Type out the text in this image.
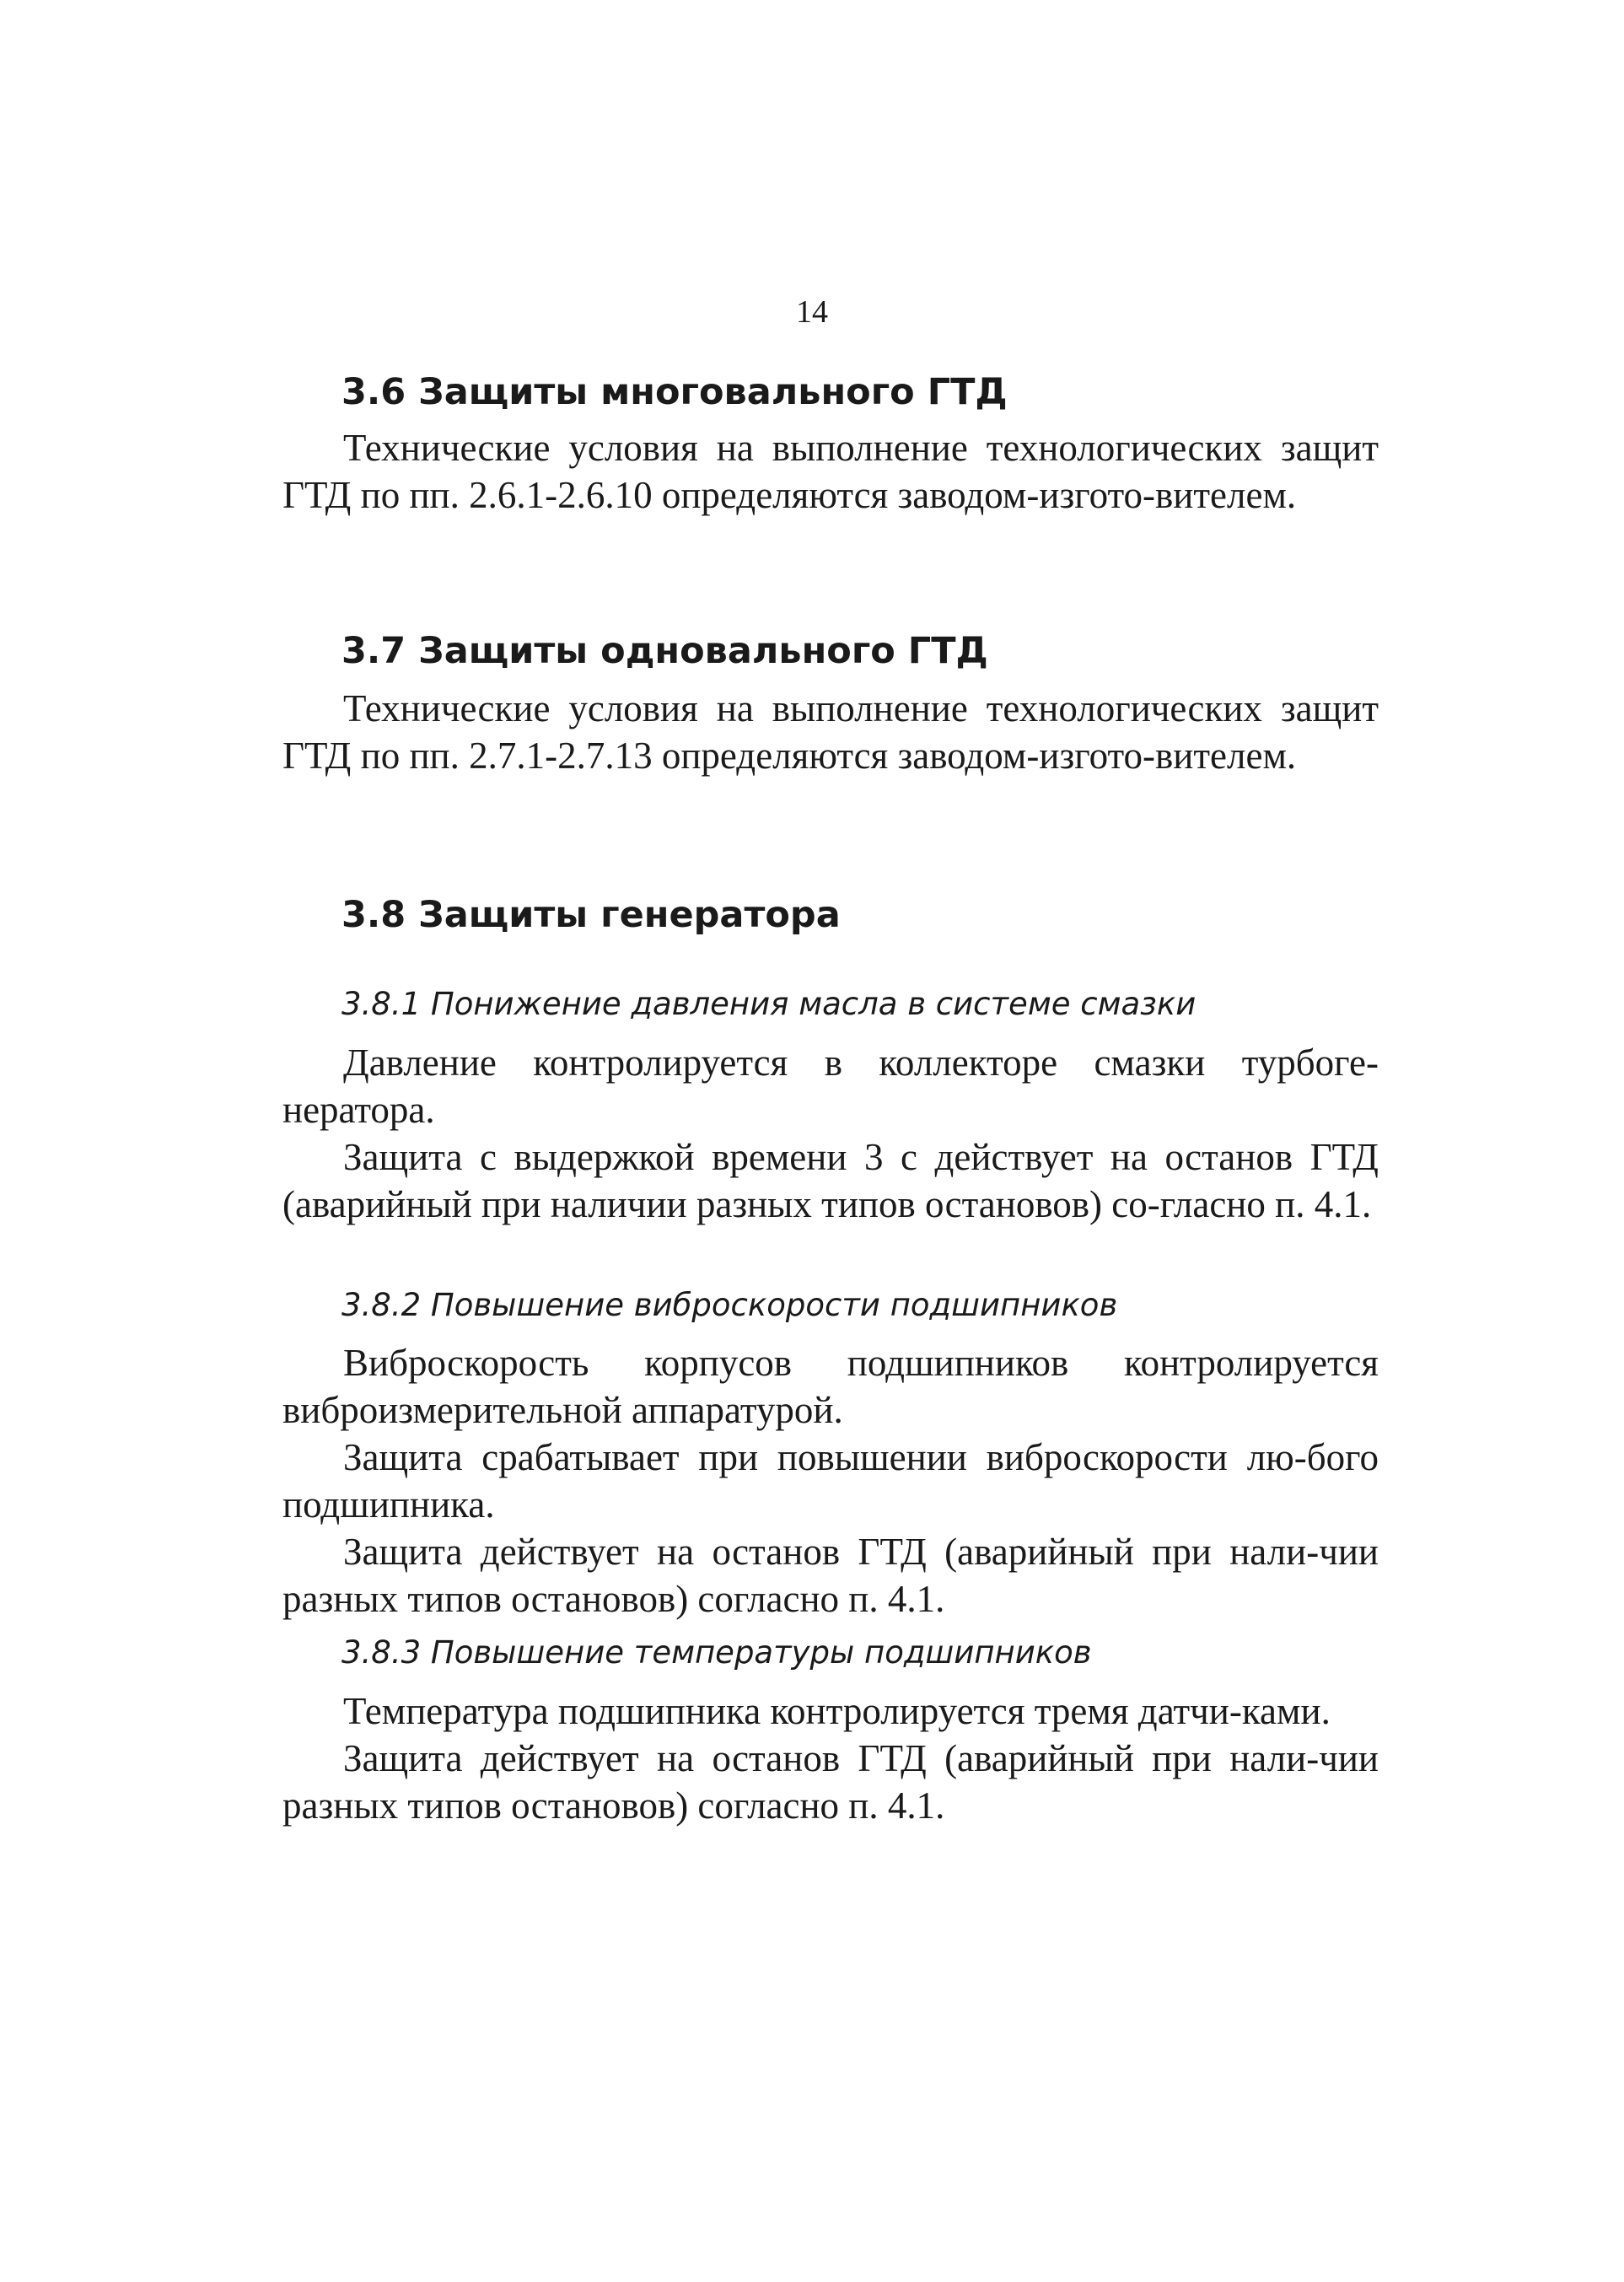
14
3.6 Защиты многовального ГТД

Технические условия на выполнение технологических защит ГТД по пп. 2.6.1-2.6.10 определяются заводом-изгото-вителем.

3.7 Защиты одновального ГТД

Технические условия на выполнение технологических защит ГТД по пп. 2.7.1-2.7.13 определяются заводом-изгото-вителем.

3.8 Защиты генератора
3.8.1 Понижение давления масла в системе смазки

Давление контролируется в коллекторе смазки турбоге-нератора.

Защита с выдержкой времени 3 с действует на останов ГТД (аварийный при наличии разных типов остановов) со-гласно п. 4.1.

3.8.2 Повышение виброскорости подшипников

Виброскорость корпусов подшипников контролируется виброизмерительной аппаратурой.

Защита срабатывает при повышении виброскорости лю-бого подшипника.

Защита действует на останов ГТД (аварийный при нали-чии разных типов остановов) согласно п. 4.1.

3.8.3 Повышение температуры подшипников

Температура подшипника контролируется тремя датчи-ками.

Защита действует на останов ГТД (аварийный при нали-чии разных типов остановов) согласно п. 4.1.
